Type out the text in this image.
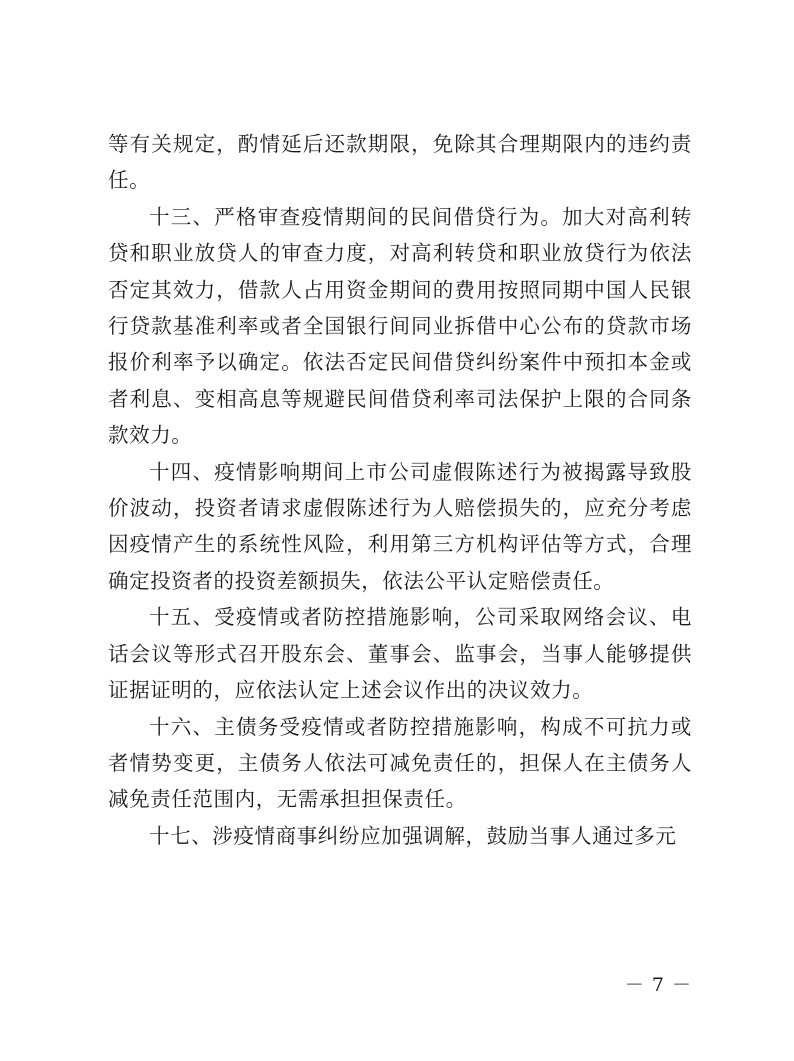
等有关规定，酌情延后还款期限，免除其合理期限内的违约责任。

十三、严格审查疫情期间的民间借贷行为。加大对高利转贷和职业放贷人的审查力度，对高利转贷和职业放贷行为依法否定其效力，借款人占用资金期间的费用按照同期中国人民银行贷款基准利率或者全国银行间同业拆借中心公布的贷款市场报价利率予以确定。依法否定民间借贷纠纷案件中预扣本金或者利息、变相高息等规避民间借贷利率司法保护上限的合同条款效力。

十四、疫情影响期间上市公司虚假陈述行为被揭露导致股价波动，投资者请求虚假陈述行为人赔偿损失的，应充分考虑因疫情产生的系统性风险，利用第三方机构评估等方式，合理确定投资者的投资差额损失，依法公平认定赔偿责任。

十五、受疫情或者防控措施影响，公司采取网络会议、电话会议等形式召开股东会、董事会、监事会，当事人能够提供证据证明的，应依法认定上述会议作出的决议效力。

十六、主债务受疫情或者防控措施影响，构成不可抗力或者情势变更，主债务人依法可减免责任的，担保人在主债务人减免责任范围内，无需承担担保责任。

十七、涉疫情商事纠纷应加强调解，鼓励当事人通过多元

－ 7 －
